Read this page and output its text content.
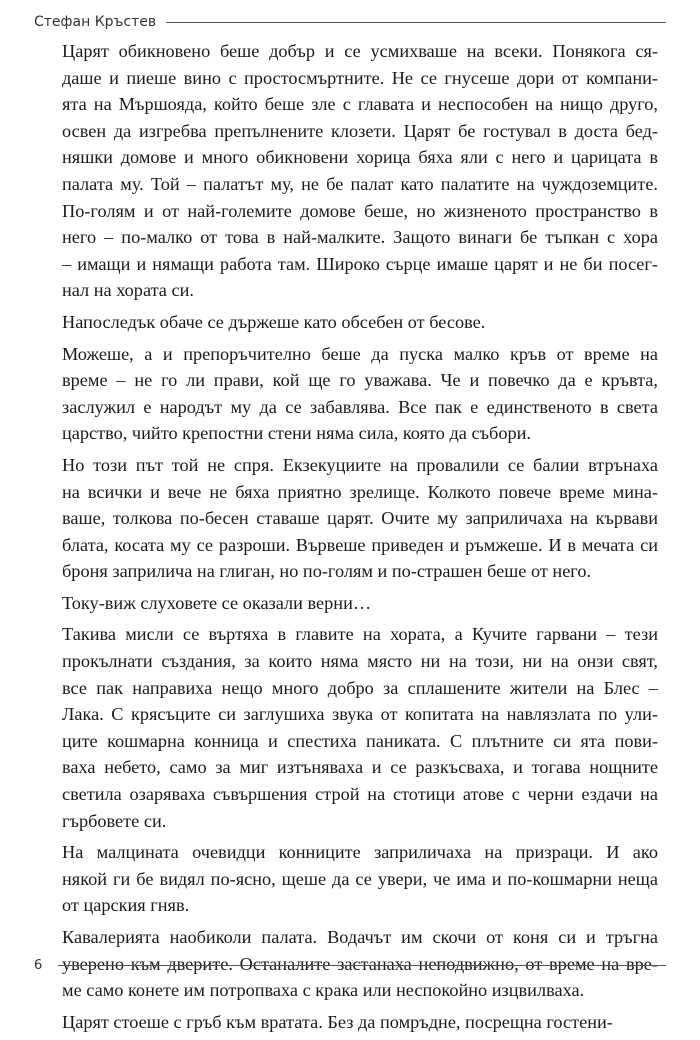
Стефан Кръстев
Царят обикновено беше добър и се усмихваше на всеки. Понякога ся-
даше и пиеше вино с простосмъртните. Не се гнусеше дори от компани-
ята на Мършоядa, който беше зле с главата и неспособен на нищо друго,
освен да изгребва препълнените клозети. Царят бе гостувал в доста бед-
няшки домове и много обикновени хорица бяха яли с него и царицата в
палата му. Той – палатът му, не бе палат като палатите на чуждоземците.
По-голям и от най-големите домове беше, но жизненото пространство в
него – по-малко от това в най-малките. Защото винаги бе тъпкан с хора
– имащи и нямащи работа там. Широко сърце имаше царят и не би посег-
нал на хората си.
Напоследък обаче се държеше като обсебен от бесове.
Можеше, а и препоръчително беше да пуска малко кръв от време на
време – не го ли прави, кой ще го уважава. Че и повечко да е кръвта,
заслужил е народът му да се забавлява. Все пак е единственото в света
царство, чийто крепостни стени няма сила, която да събори.
Но този път той не спря. Екзекуциите на провалили се балии втрънаха
на всички и вече не бяха приятно зрелище. Колкото повече време мина-
ваше, толкова по-бесен ставаше царят. Очите му заприличаха на кървави
блата, косата му се разроши. Вървеше приведен и ръмжеше. И в мечата си
броня заприлича на глиган, но по-голям и по-страшен беше от него.
Току-виж слуховете се оказали верни…
Такива мисли се въртяха в главите на хората, а Кучите гарвани – тези
прокълнати създания, за които няма място ни на този, ни на онзи свят,
все пак направиха нещо много добро за сплашените жители на Блес –
Лака. С крясъците си заглушиха звука от копитата на навлязлата по ули-
ците кошмарна конница и спестиха паниката. С плътните си ята пови-
ваха небето, само за миг изтъняваха и се разкъсваха, и тогава нощните
светила озаряваха съвършения строй на стотици атове с черни ездачи на
гърбовете си.
На малцината очевидци конниците заприличаха на призраци. И ако
някой ги бе видял по-ясно, щеше да се увери, че има и по-кошмарни неща
от царския гняв.
Кавалерията наобиколи палата. Водачът им скочи от коня си и тръгна
уверено към дверите. Останалите застанаха неподвижно, от време на вре-
ме само конете им потропваха с крака или неспокойно изцвилваха.
Царят стоеше с гръб към вратата. Без да помръдне, посрещна гостени-
6
